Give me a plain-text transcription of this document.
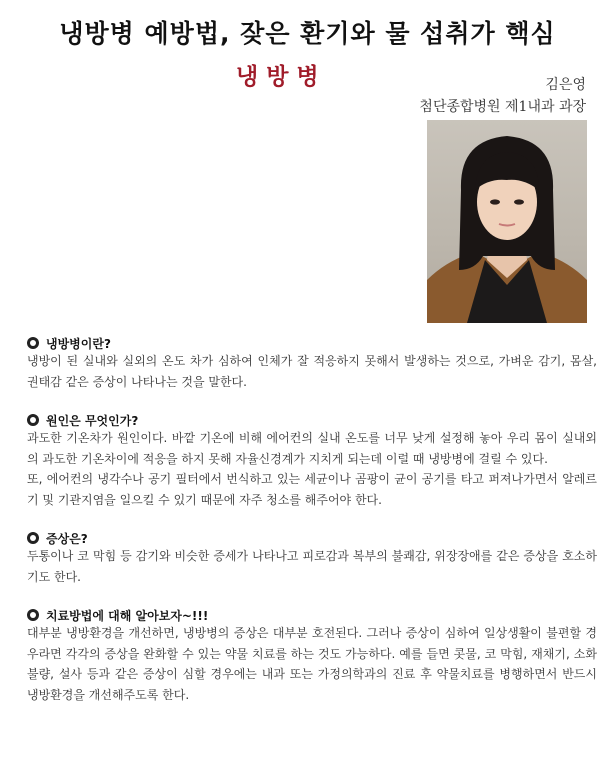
냉방병 예방법, 잦은 환기와 물 섭취가 핵심
냉방병	김은영
첨단종합병원 제1내과 과장
냉방병이란?

냉방이 된 실내와 실외의 온도 차가 심하여 인체가 잘 적응하지 못해서 발생하는 것으로, 가벼운 감기, 몸살, 권태감 같은 증상이 나타나는 것을 말한다.

원인은 무엇인가?

과도한 기온차가 원인이다. 바깥 기온에 비해 에어컨의 실내 온도를 너무 낮게 설정해 놓아 우리 몸이 실내외의 과도한 기온차이에 적응을 하지 못해 자율신경계가 지치게 되는데 이럴 때 냉방병에 걸릴 수 있다.

또, 에어컨의 냉각수나 공기 필터에서 번식하고 있는 세균이나 곰팡이 균이 공기를 타고 퍼져나가면서 알레르기 및 기관지염을 일으킬 수 있기 때문에 자주 청소를 해주어야 한다.

증상은?

두통이나 코 막힘 등 감기와 비슷한 증세가 나타나고 피로감과 복부의 불쾌감, 위장장애를 같은 증상을 호소하기도 한다.

치료방법에 대해 알아보자~!!!

대부분 냉방환경을 개선하면, 냉방병의 증상은 대부분 호전된다. 그러나 증상이 심하여 일상생활이 불편할 경우라면 각각의 증상을 완화할 수 있는 약물 치료를 하는 것도 가능하다. 예를 들면 콧물, 코 막힘, 재채기, 소화불량, 설사 등과 같은 증상이 심할 경우에는 내과 또는 가정의학과의 진료 후 약물치료를 병행하면서 반드시 냉방환경을 개선해주도록 한다.
